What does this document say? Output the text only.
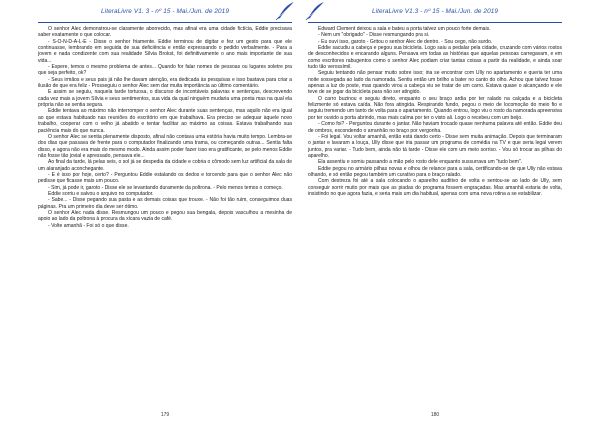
LiteraLivre V1. 3 - nº 15 - Mai./Jun. de 2019

O senhor Alec demonstrou-se claramente aborrecido, mas afinal era uma cidade fictícia, Eddie precisava saber exatamente o que colocar.

- S-O-N-D-A-L-E - Disse o senhor friamente. Eddie terminou de digitar e fez um gesto para que ele continuasse, lembrando em seguida de sua deficiência e então expressando o pedido verbalmente. - Para a jovem e nada condizente com sua realidade Sílvia Brokst, foi definitivamente o ano mais importante de sua vida...

- Espere, temos o mesmo problema de antes... Quando for falar nomes de pessoas ou lugares soletre pra que seja perfeito, ok?

- Seus irmãos e seus pais já não lhe davam atenção, era dedicada às pesquisas e isso bastava para criar a ilusão de que era feliz - Prosseguiu o senhor Alec sem dar muita importância ao último comentário.

E assim se seguiu, naquela tarde tortuosa, o discurso de incontáveis palavras e sentenças, descrevendo cada vez mais a jovem Sílvia e seus sentimentos, sua vida da qual ninguém mudaria uma ponta mas na qual ela própria não se sentia segura.

Eddie tentava ao máximo não interromper o senhor Alec durante suas sentenças, mas aquilo não era igual ao que estava habituado nas reuniões do escritório em que trabalhava. Era preciso se adequar àquele novo trabalho, cooperar com o velho já abatido e tentar facilitar ao máximo as coisas. Estava trabalhando sua paciência mais do que nunca.

O senhor Alec se sentia plenamente disposto, afinal não contava uma estória havia muito tempo. Lembra-se dos dias que passava de frente para o computador finalizando uma trama, ou começando outras... Sentia falta disso, e agora não era mais do mesmo modo. Ainda assim poder fazer isso era gratificante, se pelo menos Eddie não fosse tão jovial e apressado, pensava ele...

Ao final da tarde, lá pelas seis, o sol já se despedia da cidade e cobria o cômodo sem luz artificial da sala de um alaranjado aconchegante.

- E é isso por hoje, certo? - Perguntou Eddie estalando os dedos e torcendo para que o senhor Alec não pedisse que ficasse mais um pouco.

- Sim, já pode ir, garoto - Disse ele se levantando duramente da poltrona. - Pelo menos temos o começo.

Eddie sorriu e salvou o arquivo no computador.

- Sabe... - Disse pegando sua pasta e as demais coisas que trouxe. - Não foi tão ruim, conseguimos duas páginas. Pra um primeiro dia deve ser ótimo.

O senhor Alec nada disse. Resmungou um pouco e pegou sua bengala, depois vasculhou a mesinha de apoio ao lado da poltrona à procura da xícara vazia de café.

- Volte amanhã - Foi só o que disse.

179
LiteraLivre V1.3 - nº 15 - Mai./Jun. de 2019

Edward Clement deixou a sala e bateu a porta talvez um pouco forte demais.

- Nem um "obrigado" - Disse resmungando pra si.

- Eu ouvi isso, garoto - Gritou o senhor Alec de dentro. - Sou cego, não surdo.

Eddie sacudiu a cabeça e pegou sua bicicleta. Logo saiu a pedalar pela cidade, cruzando com vários rostos de desconhecidos e encarando alguns. Pensava em todas as histórias que aquelas pessoas carregavam, e em como escritores rabugentos como o senhor Alec podiam criar tantas coisas a partir da realidade, e ainda soar tudo tão verossímil.

Seguiu tentando não pensar muito sobre isso; iria se encontrar com Ully no apartamento e queria ter uma noite sossegada ao lado da namorada. Sentiu então um brilho a bater no canto do olho. Achou que talvez fosse apenas a luz do poste, mas quando virou a cabeça viu se tratar de um carro. Estava quase o alcançando e ele teve de se jogar da bicicleta para não ser atingido.

O carro buzinou e seguiu direto, enquanto o seu braço ardia por ter ralado na calçada e a bicicleta felizmente só estava caída. Não fora atingida. Respirando fundo, pegou o meio de locomoção do meio fio e seguiu tremendo um tanto de volta para o apartamento. Quando entrou, logo viu o rosto da namorada apreensiva por ter ouvido a porta abrindo, mas mais calma por ter o visto ali. Logo o recebeu com um beijo.

- Como foi? - Perguntou durante o jantar. Não haviam trocado quase nenhuma palavra até então. Eddie deu de ombros, escondendo o arranhão no braço por vergonha.

- Foi legal. Vou voltar amanhã, então está dando certo - Disse sem muita animação. Depois que terminaram o jantar e lavaram a louça, Ully disse que iria passar um programa de comédia na TV e que seria legal verem juntos, pra variar. - Tudo bem, ainda não tá tarde - Disse ele com um meio sorriso. - Vou só trocar as pilhas do aparelho.

Ela assentiu e somiu passando a mão pelo rosto dele enquanto sussurrava um "tudo bem".

Eddie pegou no armário pilhas novas e olhou de relance para a sala, certificando-se de que Ully não estava olhando, e só então pegou também um curativo para o braço ralado.

Com destreza foi até a sala colocando o aparelho auditivo de volta e sentou-se ao lado de Ully, sem conseguir sorrir muito por mais que as piadas do programa fossem engraçadas. Mas amanhã estaria de volta, insistindo no que agora fazia, e seria mais um dia habitual, apenas com uma nova rotina a se estabilizar.

180
